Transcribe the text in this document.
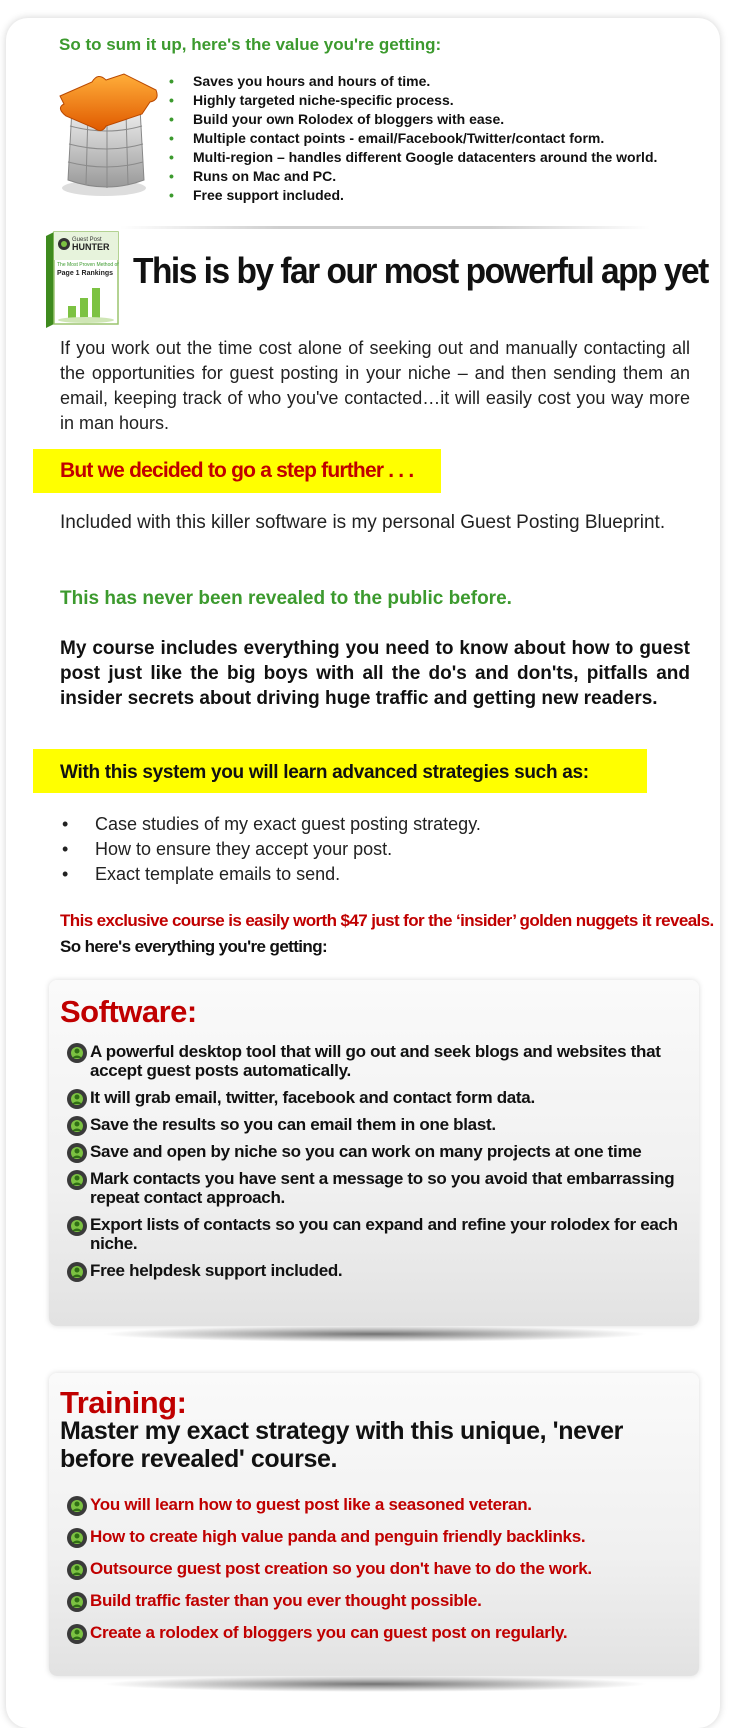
So to sum it up, here's the value you're getting:
• Saves you hours and hours of time.
• Highly targeted niche-specific process.
• Build your own Rolodex of bloggers with ease.
• Multiple contact points - email/Facebook/Twitter/contact form.
• Multi-region – handles different Google datacenters around the world.
• Runs on Mac and PC.
• Free support included.
Guest Post
HUNTER
The Most Proven Method of
Page 1 Rankings This is by far our most powerful app yet
If you work out the time cost alone of seeking out and manually contacting all the opportunities for guest posting in your niche – and then sending them an email, keeping track of who you've contacted…it will easily cost you way more in man hours.
But we decided to go a step further . . .
Included with this killer software is my personal Guest Posting Blueprint.
This has never been revealed to the public before.
My course includes everything you need to know about how to guest post just like the big boys with all the do's and don'ts, pitfalls and insider secrets about driving huge traffic and getting new readers.
With this system you will learn advanced strategies such as:
• Case studies of my exact guest posting strategy.
• How to ensure they accept your post.
• Exact template emails to send.
This exclusive course is easily worth $47 just for the ‘insider’ golden nuggets it reveals.
So here's everything you're getting:
Software:
A powerful desktop tool that will go out and seek blogs and websites that accept guest posts automatically.
It will grab email, twitter, facebook and contact form data.
Save the results so you can email them in one blast.
Save and open by niche so you can work on many projects at one time
Mark contacts you have sent a message to so you avoid that embarrassing repeat contact approach.
Export lists of contacts so you can expand and refine your rolodex for each niche.
Free helpdesk support included.
Training:
Master my exact strategy with this unique, 'never before revealed' course.
You will learn how to guest post like a seasoned veteran.
How to create high value panda and penguin friendly backlinks.
Outsource guest post creation so you don't have to do the work.
Build traffic faster than you ever thought possible.
Create a rolodex of bloggers you can guest post on regularly.
